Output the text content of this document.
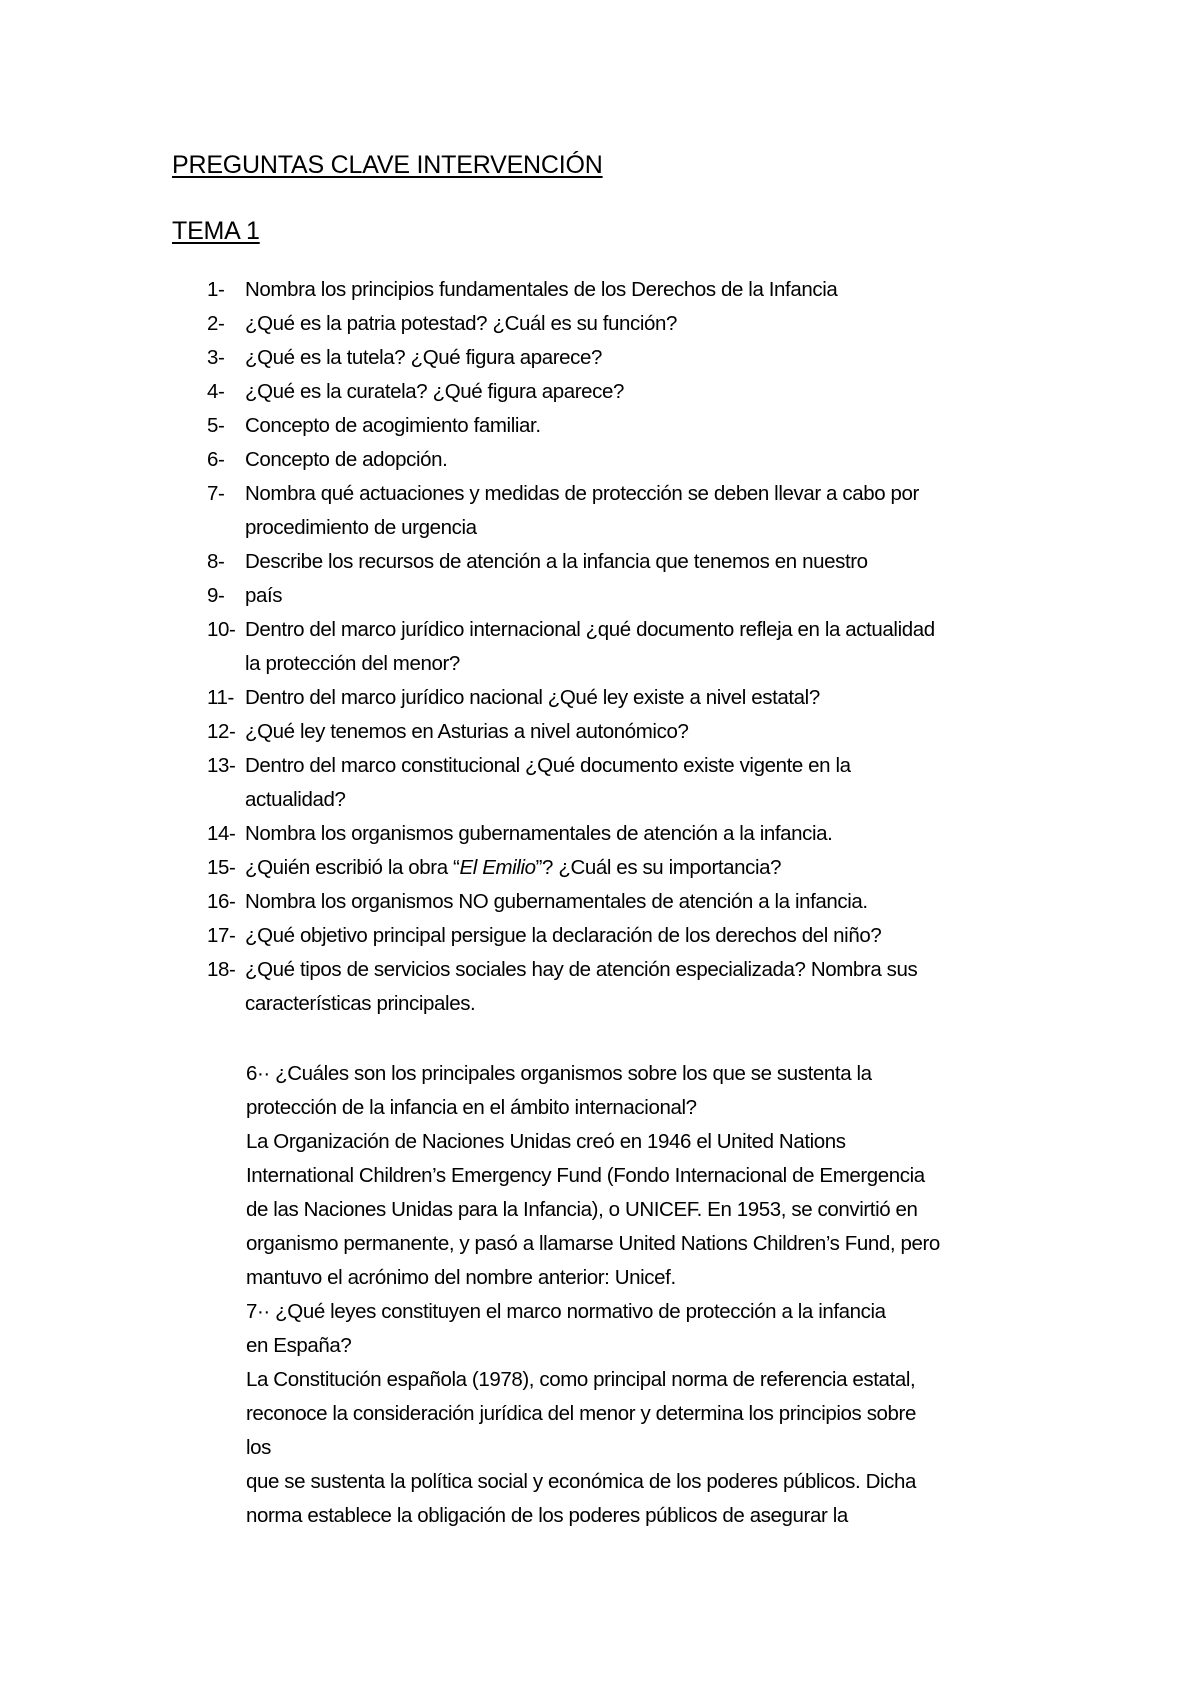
PREGUNTAS CLAVE INTERVENCIÓN
TEMA 1
1-	Nombra los principios fundamentales de los Derechos de la Infancia
2-	¿Qué es la patria potestad? ¿Cuál es su función?
3-	¿Qué es la tutela? ¿Qué figura aparece?
4-	¿Qué es la curatela? ¿Qué figura aparece?
5-	Concepto de acogimiento familiar.
6-	Concepto de adopción.
7-	Nombra qué actuaciones y medidas de protección se deben llevar a cabo por procedimiento de urgencia
8-	Describe los recursos de atención a la infancia que tenemos en nuestro
9-	país
10- Dentro del marco jurídico internacional ¿qué documento refleja en la actualidad la protección del menor?
11- Dentro del marco jurídico nacional ¿Qué ley existe a nivel estatal?
12- ¿Qué ley tenemos en Asturias a nivel autonómico?
13- Dentro del marco constitucional ¿Qué documento existe vigente en la actualidad?
14- Nombra los organismos gubernamentales de atención a la infancia.
15- ¿Quién escribió la obra “El Emilio”? ¿Cuál es su importancia?
16- Nombra los organismos NO gubernamentales de atención a la infancia.
17- ¿Qué objetivo principal persigue la declaración de los derechos del niño?
18- ¿Qué tipos de servicios sociales hay de atención especializada? Nombra sus características principales.

6·· ¿Cuáles son los principales organismos sobre los que se sustenta la
protección de la infancia en el ámbito internacional?
La Organización de Naciones Unidas creó en 1946 el United Nations
International Children’s Emergency Fund (Fondo Internacional de Emergencia
de las Naciones Unidas para la Infancia), o UNICEF. En 1953, se convirtió en
organismo permanente, y pasó a llamarse United Nations Children’s Fund, pero
mantuvo el acrónimo del nombre anterior: Unicef.

7·· ¿Qué leyes constituyen el marco normativo de protección a la infancia
en España?
La Constitución española (1978), como principal norma de referencia estatal,
reconoce la consideración jurídica del menor y determina los principios sobre
los
que se sustenta la política social y económica de los poderes públicos. Dicha
norma establece la obligación de los poderes públicos de asegurar la
